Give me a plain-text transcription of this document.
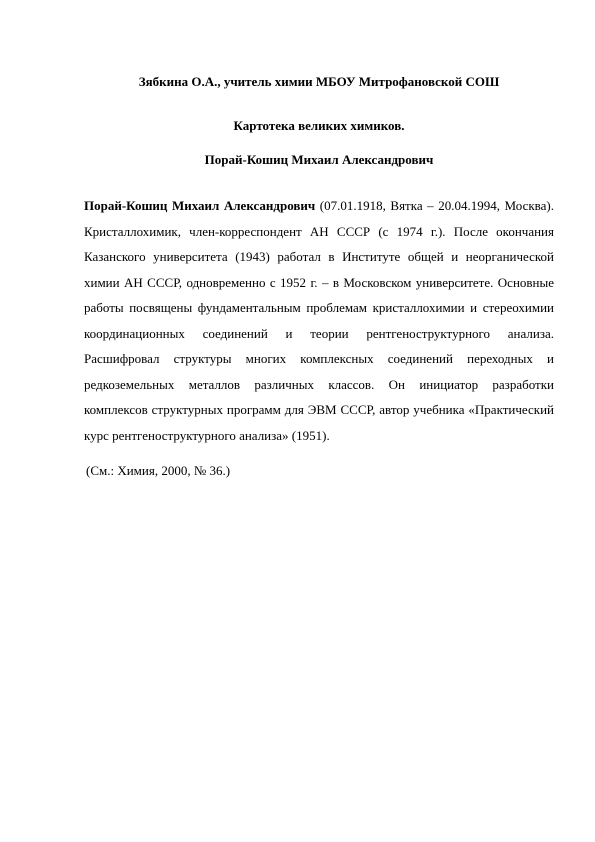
Зябкина О.А., учитель химии МБОУ Митрофановской СОШ
Картотека великих химиков.
Порай-Кошиц Михаил Александрович

Порай-Кошиц Михаил Александрович (07.01.1918, Вятка – 20.04.1994, Москва). Кристаллохимик, член-корреспондент АН СССР (с 1974 г.). После окончания Казанского университета (1943) работал в Институте общей и неорганической химии АН СССР, одновременно с 1952 г. – в Московском университете. Основные работы посвящены фундаментальным проблемам кристаллохимии и стереохимии координационных соединений и теории рентгеноструктурного анализа. Расшифровал структуры многих комплексных соединений переходных и редкоземельных металлов различных классов. Он инициатор разработки комплексов структурных программ для ЭВМ СССР, автор учебника «Практический курс рентгеноструктурного анализа» (1951).

(См.: Химия, 2000, № 36.)
